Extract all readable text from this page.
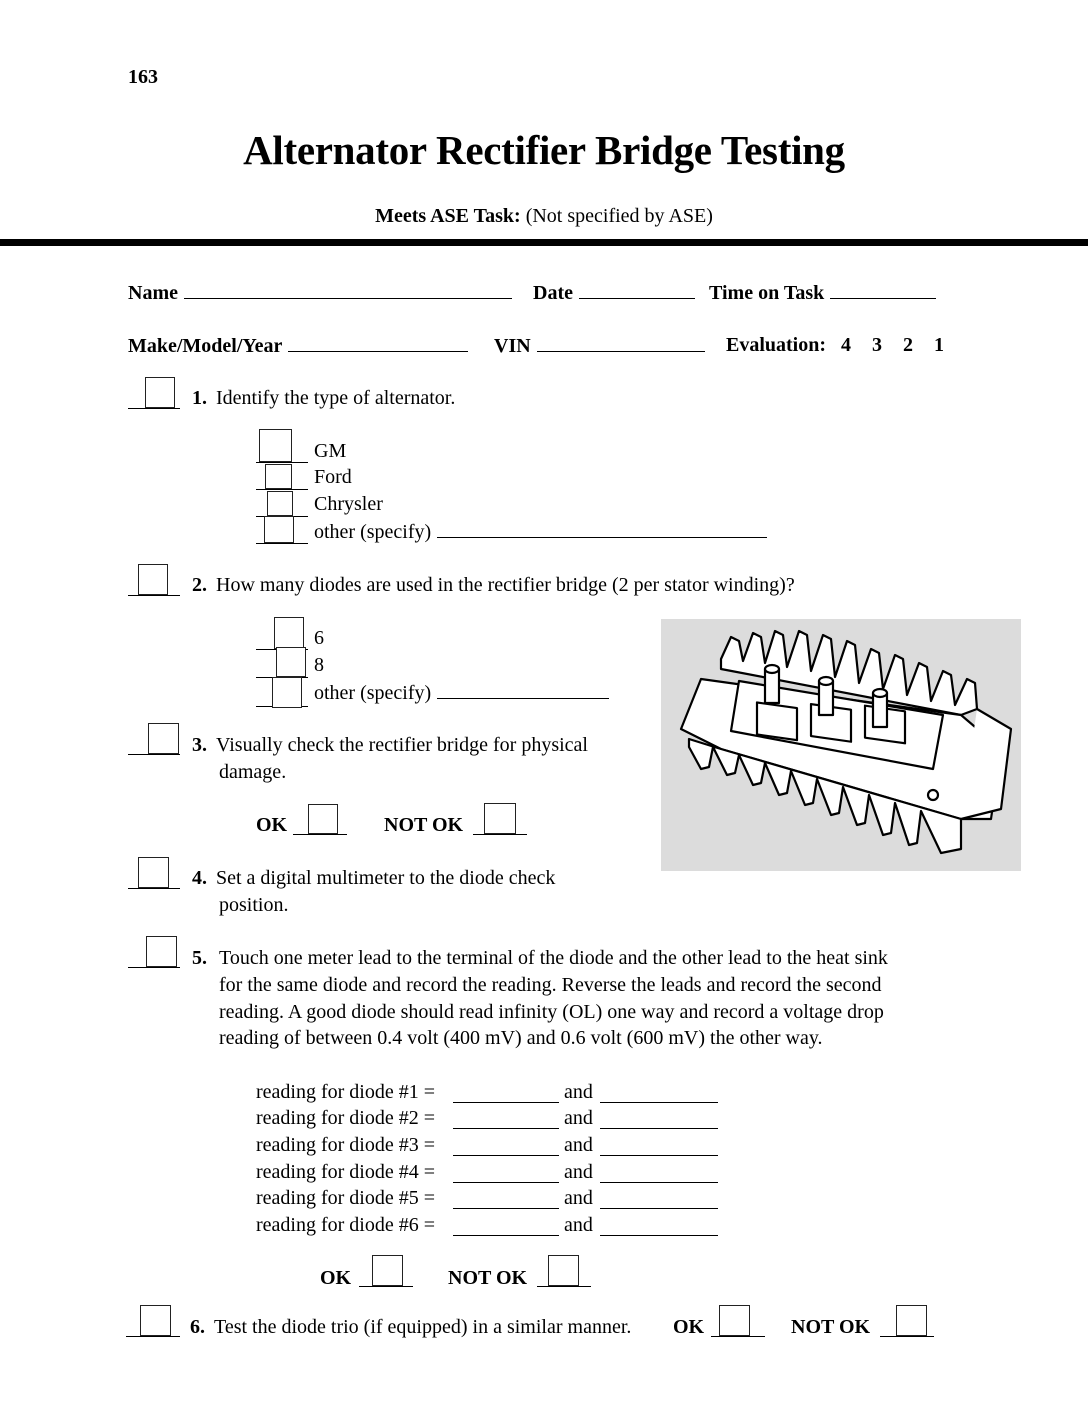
163
Alternator Rectifier Bridge Testing
Meets ASE Task: (Not specified by ASE)
Name	Date	Time on Task
Make/Model/Year	VIN	Evaluation: 4 3 2 1
1. Identify the type of alternator.
GM
Ford
Chrysler
other (specify)
2. How many diodes are used in the rectifier bridge (2 per stator winding)?
6
8
other (specify)
3. Visually check the rectifier bridge for physical
damage.
OK	NOT OK
4. Set a digital multimeter to the diode check
position.
5. Touch one meter lead to the terminal of the diode and the other lead to the heat sink
for the same diode and record the reading. Reverse the leads and record the second
reading. A good diode should read infinity (OL) one way and record a voltage drop
reading of between 0.4 volt (400 mV) and 0.6 volt (600 mV) the other way.
reading for diode #1 =	and
reading for diode #2 =	and
reading for diode #3 =	and
reading for diode #4 =	and
reading for diode #5 =	and
reading for diode #6 =	and
OK	NOT OK
6. Test the diode trio (if equipped) in a similar manner. OK	NOT OK
